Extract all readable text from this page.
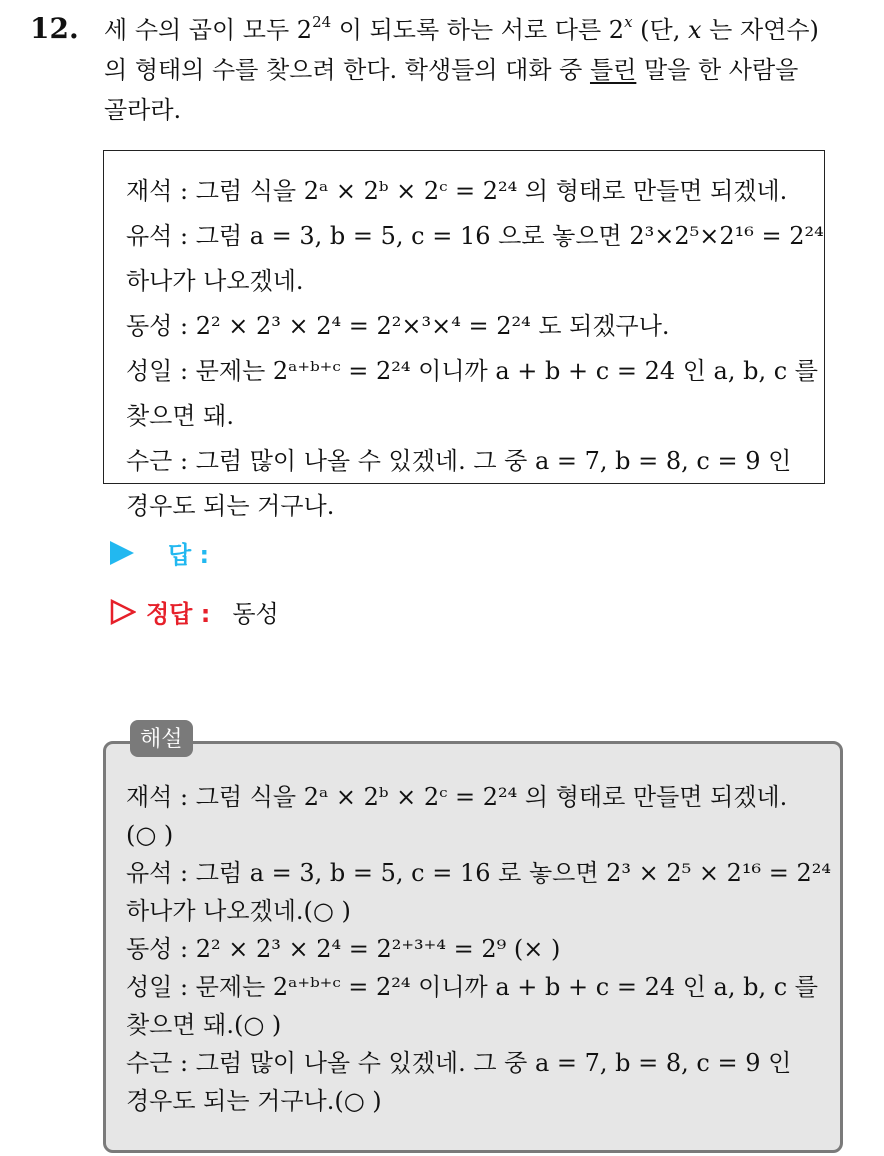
12. 세 수의 곱이 모두 $2^{24}$ 이 되도록 하는 서로 다른 2$^x$ (단, x 는 자연수)
의 형태의 수를 찾으려 한다. 학생들의 대화 중 틀린 말을 한 사람을
골라라.
재석 : 그럼 식을 2ᵃ × 2ᵇ × 2ᶜ = 2²⁴ 의 형태로 만들면 되겠네.
유석 : 그럼 a = 3, b = 5, c = 16 으로 놓으면 2³×2⁵×2¹⁶ = 2²⁴
하나가 나오겠네.
동성 : 2² × 2³ × 2⁴ = 2²×³×⁴ = 2²⁴ 도 되겠구나.
성일 : 문제는 2ᵃ⁺ᵇ⁺ᶜ = 2²⁴ 이니까 a + b + c = 24 인 a, b, c 를
찾으면 돼.
수근 : 그럼 많이 나올 수 있겠네. 그 중 a = 7, b = 8, c = 9 인
경우도 되는 거구나.
답 :
정답 : 동성
재석 : 그럼 식을 2ᵃ × 2ᵇ × 2ᶜ = 2²⁴ 의 형태로 만들면 되겠네.
(○ )
유석 : 그럼 a = 3, b = 5, c = 16 로 놓으면 2³ × 2⁵ × 2¹⁶ = 2²⁴
하나가 나오겠네.(○ )
동성 : 2² × 2³ × 2⁴ = 2²⁺³⁺⁴ = 2⁹ (× )
성일 : 문제는 2ᵃ⁺ᵇ⁺ᶜ = 2²⁴ 이니까 a + b + c = 24 인 a, b, c 를
찾으면 돼.(○ )
수근 : 그럼 많이 나올 수 있겠네. 그 중 a = 7, b = 8, c = 9 인
경우도 되는 거구나.(○ )
해설
